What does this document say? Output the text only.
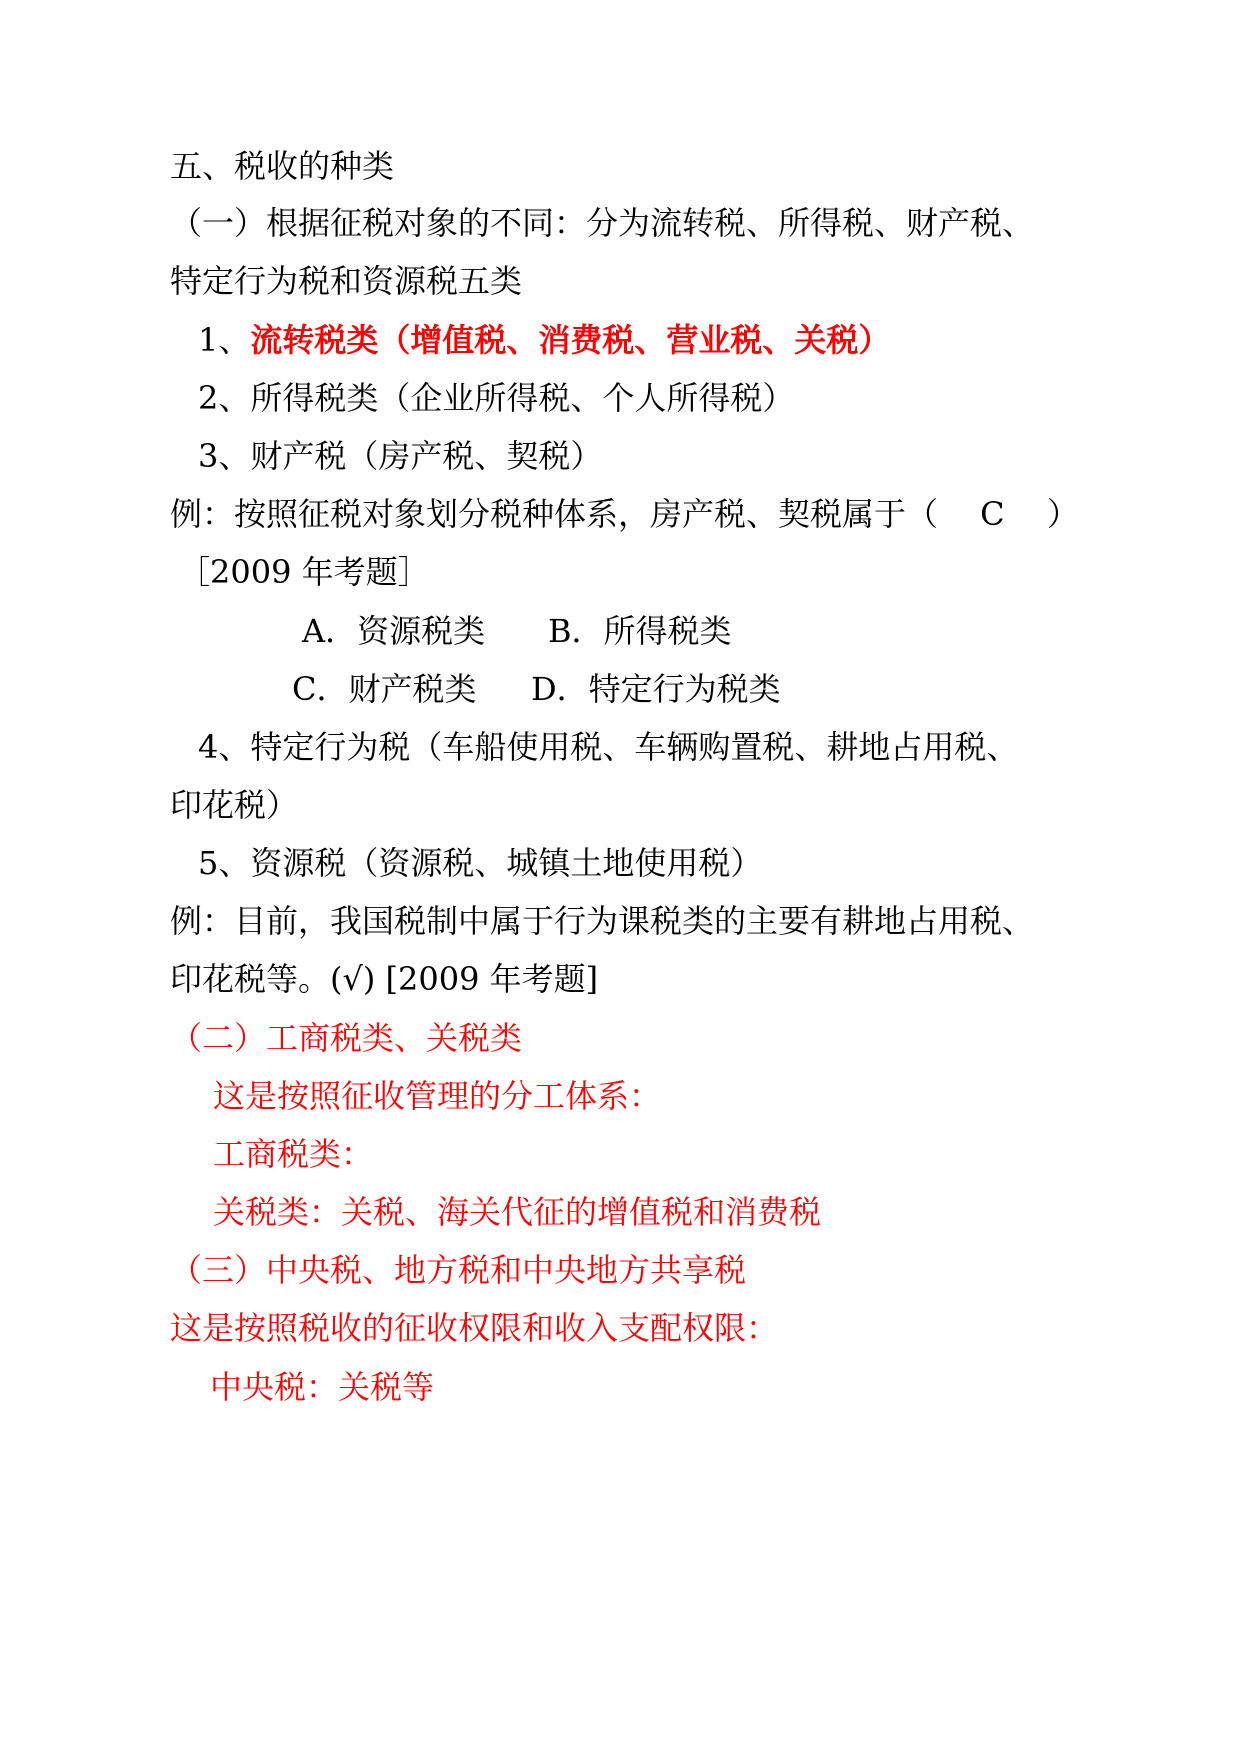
五、税收的种类
（一）根据征税对象的不同：分为流转税、所得税、财产税、
特定行为税和资源税五类
1、流转税类（增值税、消费税、营业税、关税）
2、所得税类（企业所得税、个人所得税）
3、财产税（房产税、契税）
例：按照征税对象划分税种体系，房产税、契税属于（　 C 　）
［2009 年考题］
A．资源税类 B．所得税类
C．财产税类 D．特定行为税类
4、特定行为税（车船使用税、车辆购置税、耕地占用税、
印花税）
5、资源税（资源税、城镇土地使用税）
例：目前，我国税制中属于行为课税类的主要有耕地占用税、
印花税等。(√) [2009 年考题]
（二）工商税类、关税类
这是按照征收管理的分工体系：
工商税类：
关税类：关税、海关代征的增值税和消费税
（三）中央税、地方税和中央地方共享税
这是按照税收的征收权限和收入支配权限：
中央税：关税等
